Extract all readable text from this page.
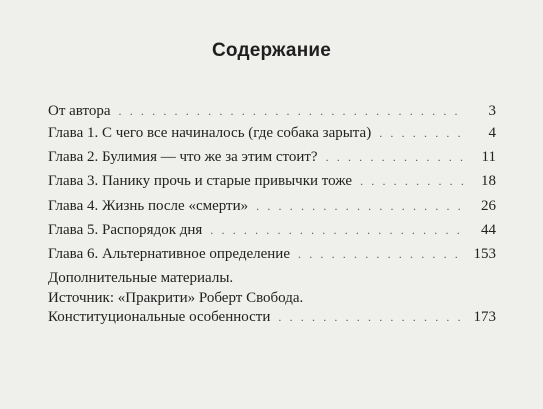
Содержание
От автора . . .	3
Глава 1. С чего все начиналось (где собака зарыта) . . .	4
Глава 2. Булимия — что же за этим стоит? . . .	11
Глава 3. Панику прочь и старые привычки тоже . . .	18
Глава 4. Жизнь после «смерти» . . .	26
Глава 5. Распорядок дня . . .	44
Глава 6. Альтернативное определение . . .	153
Дополнительные материалы.
Источник: «Пракрити» Роберт Свобода.
Конституциональные особенности . . .	173
